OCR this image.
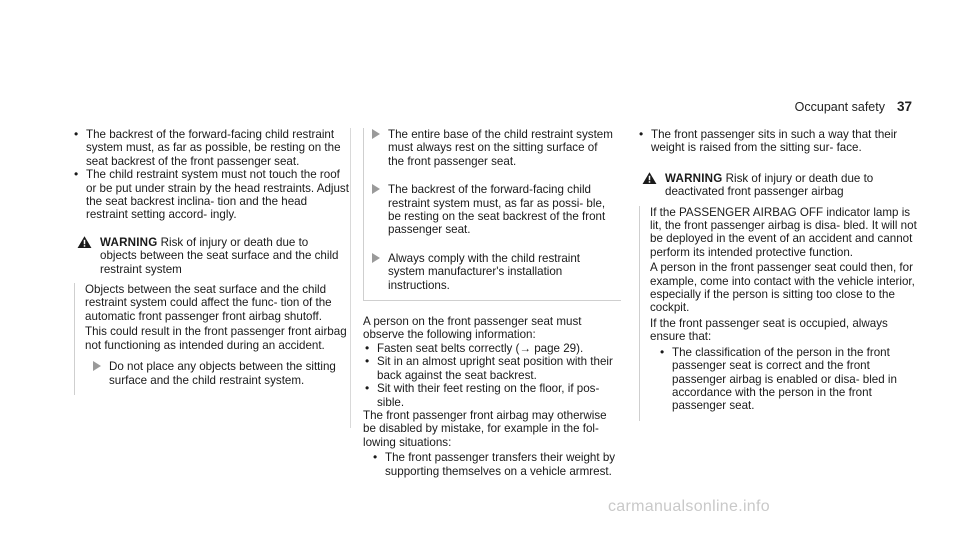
Occupant safety 37
• The backrest of the forward-facing child restraint system must, as far as possible, be resting on the seat backrest of the front passenger seat.
• The child restraint system must not touch the roof or be put under strain by the head restraints. Adjust the seat backrest inclina- tion and the head restraint setting accord- ingly.
WARNING Risk of injury or death due to objects between the seat surface and the child restraint system

Objects between the seat surface and the child restraint system could affect the func- tion of the automatic front passenger front airbag shutoff.

This could result in the front passenger front airbag not functioning as intended during an accident.

Do not place any objects between the sitting surface and the child restraint system.
The entire base of the child restraint system must always rest on the sitting surface of the front passenger seat.
The backrest of the forward-facing child restraint system must, as far as possi- ble, be resting on the seat backrest of the front passenger seat.
Always comply with the child restraint system manufacturer's installation instructions.

A person on the front passenger seat must observe the following information:

• Fasten seat belts correctly (→ page 29).
• Sit in an almost upright seat position with their back against the seat backrest.
• Sit with their feet resting on the floor, if pos- sible.

The front passenger front airbag may otherwise be disabled by mistake, for example in the fol- lowing situations:

• The front passenger transfers their weight by supporting themselves on a vehicle armrest.
• The front passenger sits in such a way that their weight is raised from the sitting sur- face.
WARNING Risk of injury or death due to deactivated front passenger airbag

If the PASSENGER AIRBAG OFF indicator lamp is lit, the front passenger airbag is disa- bled. It will not be deployed in the event of an accident and cannot perform its intended protective function.

A person in the front passenger seat could then, for example, come into contact with the vehicle interior, especially if the person is sitting too close to the cockpit.

If the front passenger seat is occupied, always ensure that:

• The classification of the person in the front passenger seat is correct and the front passenger airbag is enabled or disa- bled in accordance with the person in the front passenger seat.
carmanualsonline.info
